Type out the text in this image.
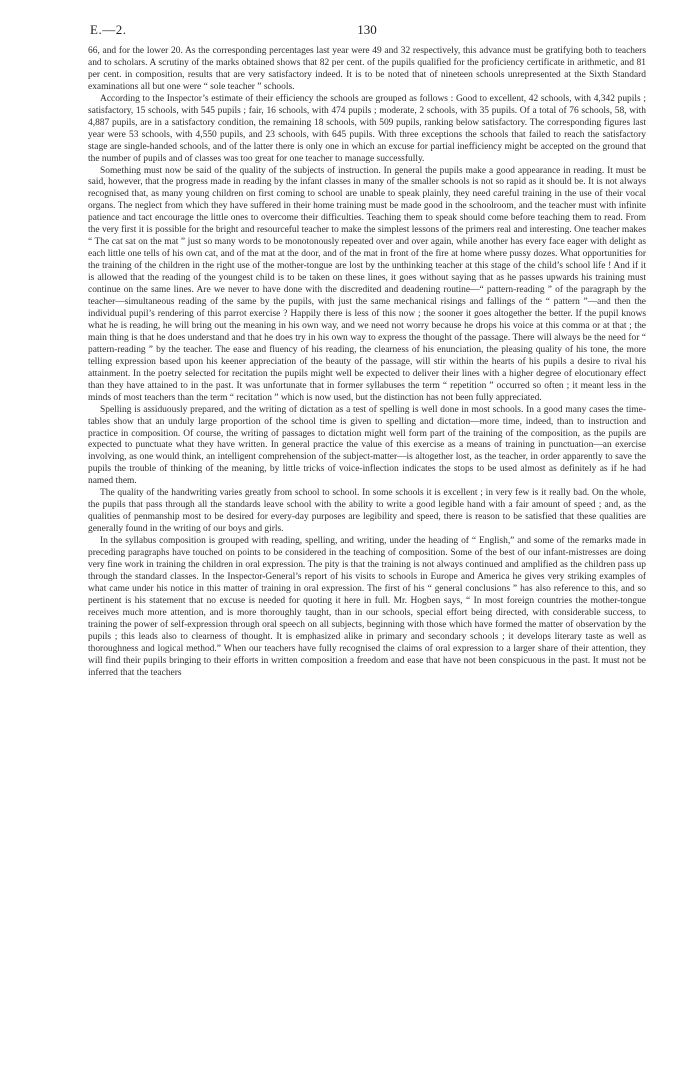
E.—2.	130

66, and for the lower 20. As the corresponding percentages last year were 49 and 32 respectively, this advance must be gratifying both to teachers and to scholars. A scrutiny of the marks obtained shows that 82 per cent. of the pupils qualified for the proficiency certificate in arithmetic, and 81 per cent. in composition, results that are very satisfactory indeed. It is to be noted that of nineteen schools unrepresented at the Sixth Standard examinations all but one were “ sole teacher ” schools.

According to the Inspector’s estimate of their efficiency the schools are grouped as follows : Good to excellent, 42 schools, with 4,342 pupils ; satisfactory, 15 schools, with 545 pupils ; fair, 16 schools, with 474 pupils ; moderate, 2 schools, with 35 pupils. Of a total of 76 schools, 58, with 4,887 pupils, are in a satisfactory condition, the remaining 18 schools, with 509 pupils, ranking below satisfactory. The corresponding figures last year were 53 schools, with 4,550 pupils, and 23 schools, with 645 pupils. With three exceptions the schools that failed to reach the satisfactory stage are single-handed schools, and of the latter there is only one in which an excuse for partial inefficiency might be accepted on the ground that the number of pupils and of classes was too great for one teacher to manage successfully.

Something must now be said of the quality of the subjects of instruction. In general the pupils make a good appearance in reading. It must be said, however, that the progress made in reading by the infant classes in many of the smaller schools is not so rapid as it should be. It is not always recognised that, as many young children on first coming to school are unable to speak plainly, they need careful training in the use of their vocal organs. The neglect from which they have suffered in their home training must be made good in the schoolroom, and the teacher must with infinite patience and tact encourage the little ones to overcome their difficulties. Teaching them to speak should come before teaching them to read. From the very first it is possible for the bright and resourceful teacher to make the simplest lessons of the primers real and interesting. One teacher makes “ The cat sat on the mat ” just so many words to be monotonously repeated over and over again, while another has every face eager with delight as each little one tells of his own cat, and of the mat at the door, and of the mat in front of the fire at home where pussy dozes. What opportunities for the training of the children in the right use of the mother-tongue are lost by the unthinking teacher at this stage of the child’s school life ! And if it is allowed that the reading of the youngest child is to be taken on these lines, it goes without saying that as he passes upwards his training must continue on the same lines. Are we never to have done with the discredited and deadening routine—“ pattern-reading ” of the paragraph by the teacher—simultaneous reading of the same by the pupils, with just the same mechanical risings and fallings of the “ pattern ”—and then the individual pupil’s rendering of this parrot exercise ? Happily there is less of this now ; the sooner it goes altogether the better. If the pupil knows what he is reading, he will bring out the meaning in his own way, and we need not worry because he drops his voice at this comma or at that ; the main thing is that he does understand and that he does try in his own way to express the thought of the passage. There will always be the need for “ pattern-reading ” by the teacher. The ease and fluency of his reading, the clearness of his enunciation, the pleasing quality of his tone, the more telling expression based upon his keener appreciation of the beauty of the passage, will stir within the hearts of his pupils a desire to rival his attainment. In the poetry selected for recitation the pupils might well be expected to deliver their lines with a higher degree of elocutionary effect than they have attained to in the past. It was unfortunate that in former syllabuses the term “ repetition ” occurred so often ; it meant less in the minds of most teachers than the term “ recitation ” which is now used, but the distinction has not been fully appreciated.

Spelling is assiduously prepared, and the writing of dictation as a test of spelling is well done in most schools. In a good many cases the time-tables show that an unduly large proportion of the school time is given to spelling and dictation—more time, indeed, than to instruction and practice in composition. Of course, the writing of passages to dictation might well form part of the training of the composition, as the pupils are expected to punctuate what they have written. In general practice the value of this exercise as a means of training in punctuation—an exercise involving, as one would think, an intelligent comprehension of the subject-matter—is altogether lost, as the teacher, in order apparently to save the pupils the trouble of thinking of the meaning, by little tricks of voice-inflection indicates the stops to be used almost as definitely as if he had named them.

The quality of the handwriting varies greatly from school to school. In some schools it is excellent ; in very few is it really bad. On the whole, the pupils that pass through all the standards leave school with the ability to write a good legible hand with a fair amount of speed ; and, as the qualities of penmanship most to be desired for every-day purposes are legibility and speed, there is reason to be satisfied that these qualities are generally found in the writing of our boys and girls.

In the syllabus composition is grouped with reading, spelling, and writing, under the heading of “ English,” and some of the remarks made in preceding paragraphs have touched on points to be considered in the teaching of composition. Some of the best of our infant-mistresses are doing very fine work in training the children in oral expression. The pity is that the training is not always continued and amplified as the children pass up through the standard classes. In the Inspector-General’s report of his visits to schools in Europe and America he gives very striking examples of what came under his notice in this matter of training in oral expression. The first of his “ general conclusions ” has also reference to this, and so pertinent is his statement that no excuse is needed for quoting it here in full. Mr. Hogben says, “ In most foreign countries the mother-tongue receives much more attention, and is more thoroughly taught, than in our schools, special effort being directed, with considerable success, to training the power of self-expression through oral speech on all subjects, beginning with those which have formed the matter of observation by the pupils ; this leads also to clearness of thought. It is emphasized alike in primary and secondary schools ; it develops literary taste as well as thoroughness and logical method.” When our teachers have fully recognised the claims of oral expression to a larger share of their attention, they will find their pupils bringing to their efforts in written composition a freedom and ease that have not been conspicuous in the past. It must not be inferred that the teachers
